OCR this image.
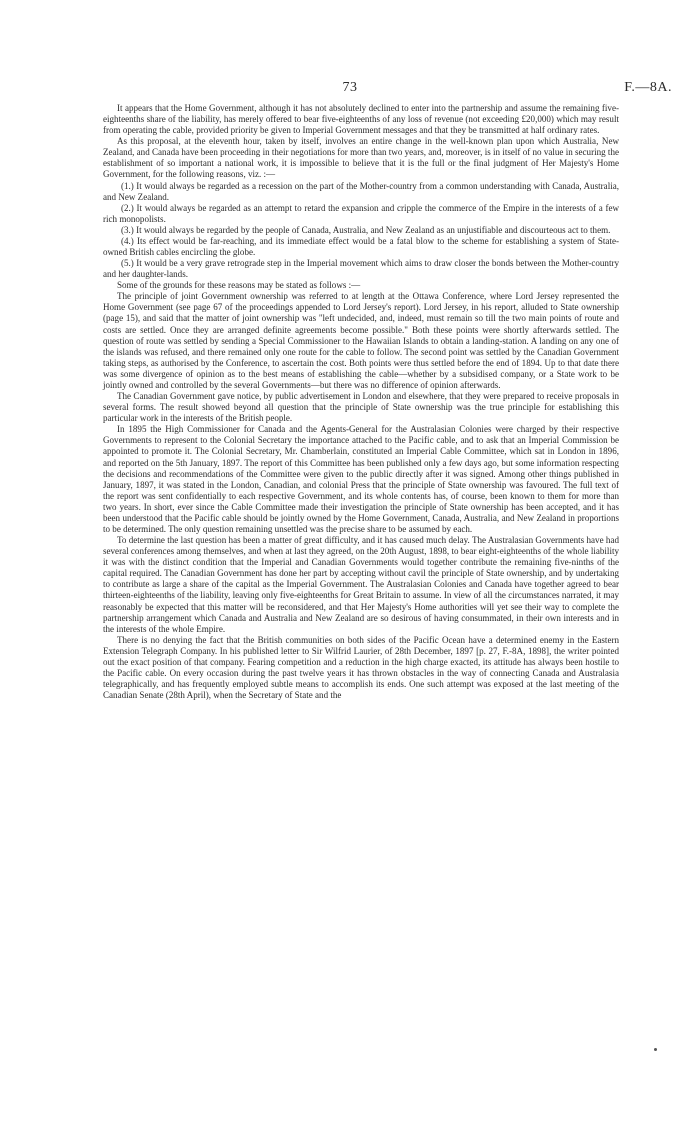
73	F.—8A.

It appears that the Home Government, although it has not absolutely declined to enter into the partnership and assume the remaining five-eighteenths share of the liability, has merely offered to bear five-eighteenths of any loss of revenue (not exceeding £20,000) which may result from operating the cable, provided priority be given to Imperial Government messages and that they be transmitted at half ordinary rates.

As this proposal, at the eleventh hour, taken by itself, involves an entire change in the well-known plan upon which Australia, New Zealand, and Canada have been proceeding in their negotiations for more than two years, and, moreover, is in itself of no value in securing the establishment of so important a national work, it is impossible to believe that it is the full or the final judgment of Her Majesty's Home Government, for the following reasons, viz. :—

(1.) It would always be regarded as a recession on the part of the Mother-country from a common understanding with Canada, Australia, and New Zealand.

(2.) It would always be regarded as an attempt to retard the expansion and cripple the commerce of the Empire in the interests of a few rich monopolists.

(3.) It would always be regarded by the people of Canada, Australia, and New Zealand as an unjustifiable and discourteous act to them.

(4.) Its effect would be far-reaching, and its immediate effect would be a fatal blow to the scheme for establishing a system of State-owned British cables encircling the globe.

(5.) It would be a very grave retrograde step in the Imperial movement which aims to draw closer the bonds between the Mother-country and her daughter-lands.

Some of the grounds for these reasons may be stated as follows :—

The principle of joint Government ownership was referred to at length at the Ottawa Conference, where Lord Jersey represented the Home Government (see page 67 of the proceedings appended to Lord Jersey's report). Lord Jersey, in his report, alluded to State ownership (page 15), and said that the matter of joint ownership was "left undecided, and, indeed, must remain so till the two main points of route and costs are settled. Once they are arranged definite agreements become possible." Both these points were shortly afterwards settled. The question of route was settled by sending a Special Commissioner to the Hawaiian Islands to obtain a landing-station. A landing on any one of the islands was refused, and there remained only one route for the cable to follow. The second point was settled by the Canadian Government taking steps, as authorised by the Conference, to ascertain the cost. Both points were thus settled before the end of 1894. Up to that date there was some divergence of opinion as to the best means of establishing the cable—whether by a subsidised company, or a State work to be jointly owned and controlled by the several Governments—but there was no difference of opinion afterwards.

The Canadian Government gave notice, by public advertisement in London and elsewhere, that they were prepared to receive proposals in several forms. The result showed beyond all question that the principle of State ownership was the true principle for establishing this particular work in the interests of the British people.

In 1895 the High Commissioner for Canada and the Agents-General for the Australasian Colonies were charged by their respective Governments to represent to the Colonial Secretary the importance attached to the Pacific cable, and to ask that an Imperial Commission be appointed to promote it. The Colonial Secretary, Mr. Chamberlain, constituted an Imperial Cable Committee, which sat in London in 1896, and reported on the 5th January, 1897. The report of this Committee has been published only a few days ago, but some information respecting the decisions and recommendations of the Committee were given to the public directly after it was signed. Among other things published in January, 1897, it was stated in the London, Canadian, and colonial Press that the principle of State ownership was favoured. The full text of the report was sent confidentially to each respective Government, and its whole contents has, of course, been known to them for more than two years. In short, ever since the Cable Committee made their investigation the principle of State ownership has been accepted, and it has been understood that the Pacific cable should be jointly owned by the Home Government, Canada, Australia, and New Zealand in proportions to be determined. The only question remaining unsettled was the precise share to be assumed by each.

To determine the last question has been a matter of great difficulty, and it has caused much delay. The Australasian Governments have had several conferences among themselves, and when at last they agreed, on the 20th August, 1898, to bear eight-eighteenths of the whole liability it was with the distinct condition that the Imperial and Canadian Governments would together contribute the remaining five-ninths of the capital required. The Canadian Government has done her part by accepting without cavil the principle of State ownership, and by undertaking to contribute as large a share of the capital as the Imperial Government. The Australasian Colonies and Canada have together agreed to bear thirteen-eighteenths of the liability, leaving only five-eighteenths for Great Britain to assume. In view of all the circumstances narrated, it may reasonably be expected that this matter will be reconsidered, and that Her Majesty's Home authorities will yet see their way to complete the partnership arrangement which Canada and Australia and New Zealand are so desirous of having consummated, in their own interests and in the interests of the whole Empire.

There is no denying the fact that the British communities on both sides of the Pacific Ocean have a determined enemy in the Eastern Extension Telegraph Company. In his published letter to Sir Wilfrid Laurier, of 28th December, 1897 [p. 27, F.-8A, 1898], the writer pointed out the exact position of that company. Fearing competition and a reduction in the high charge exacted, its attitude has always been hostile to the Pacific cable. On every occasion during the past twelve years it has thrown obstacles in the way of connecting Canada and Australasia telegraphically, and has frequently employed subtle means to accomplish its ends. One such attempt was exposed at the last meeting of the Canadian Senate (28th April), when the Secretary of State and the
